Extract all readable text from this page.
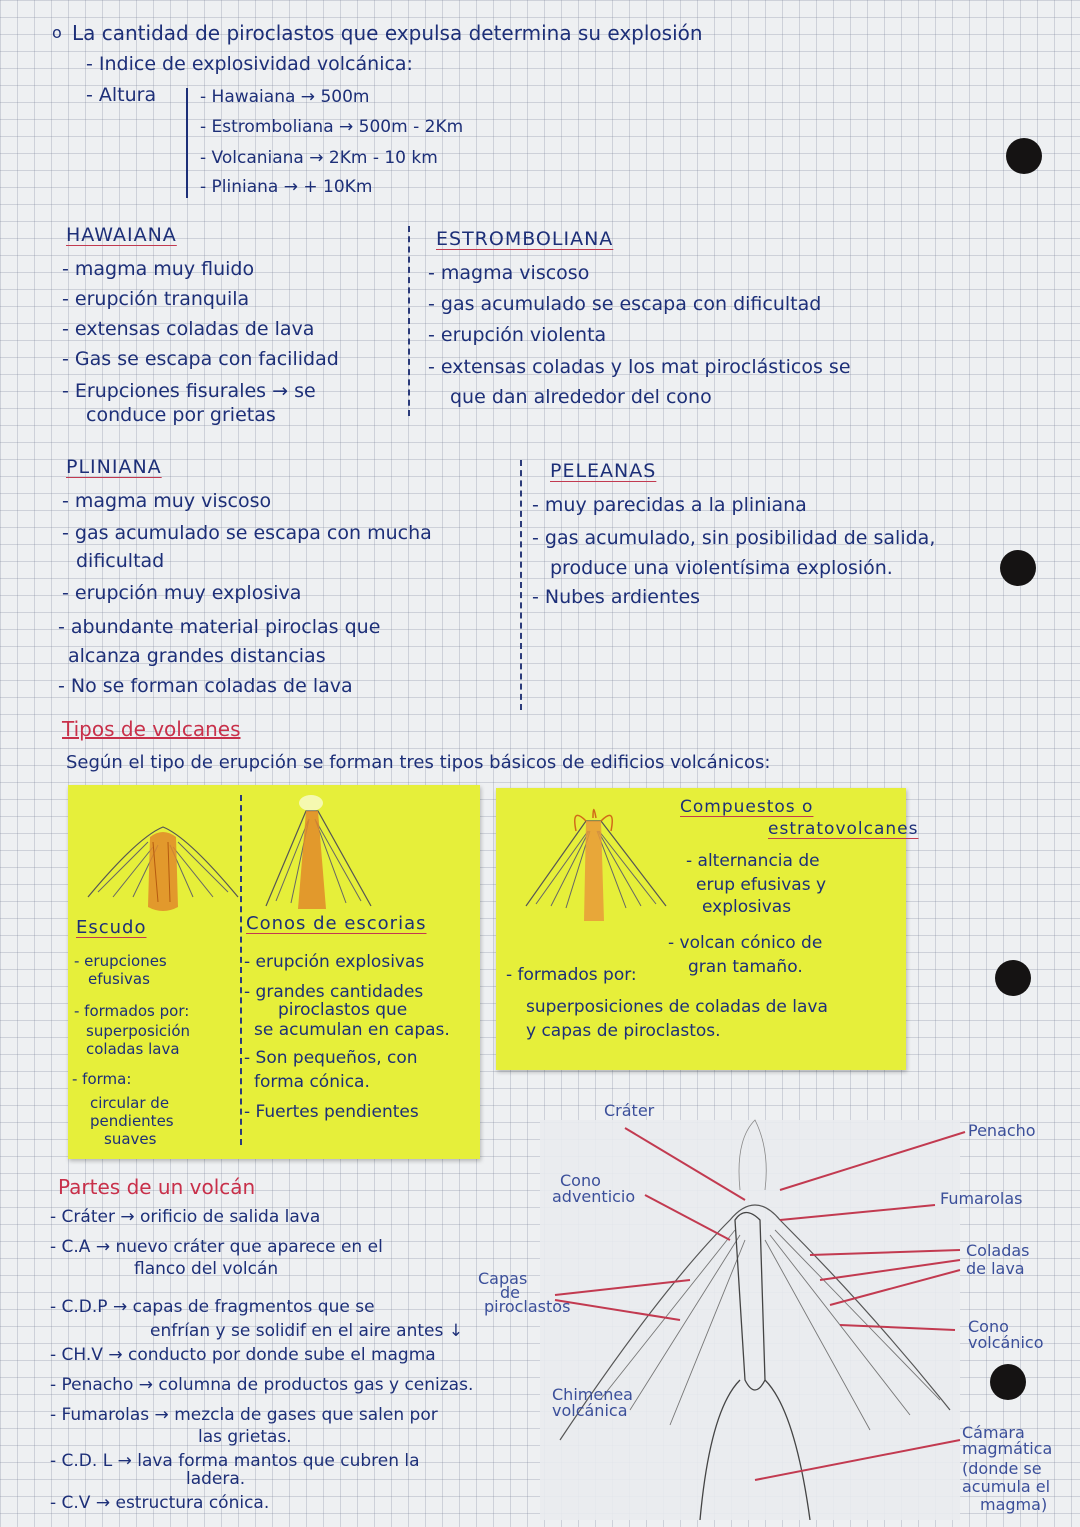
o La cantidad de piroclastos que expulsa determina su explosión
- Indice de explosividad volcánica:
- Altura	- Hawaiana → 500m
- Estromboliana → 500m - 2Km
- Volcaniana → 2Km - 10 km
- Pliniana → + 10Km
HAWAIANA
- magma muy fluido
- erupción tranquila
- extensas coladas de lava
- Gas se escapa con facilidad
- Erupciones fisurales → se
conduce por grietas
ESTROMBOLIANA
- magma viscoso
- gas acumulado se escapa con dificultad
- erupción violenta
- extensas coladas y los mat piroclásticos se
que dan alrededor del cono
PLINIANA
- magma muy viscoso
- gas acumulado se escapa con mucha
dificultad
- erupción muy explosiva
- abundante material piroclas que
alcanza grandes distancias
- No se forman coladas de lava
PELEANAS
- muy parecidas a la pliniana
- gas acumulado, sin posibilidad de salida,
produce una violentísima explosión.
- Nubes ardientes
Tipos de volcanes
Según el tipo de erupción se forman tres tipos básicos de edificios volcánicos:
Escudo
- erupciones
efusivas
- formados por:
superposición
coladas lava
- forma:
circular de
pendientes
suaves
Conos de escorias
- erupción explosivas
- grandes cantidades
piroclastos que
se acumulan en capas.
- Son pequeños, con
forma cónica.
- Fuertes pendientes
Compuestos o
estratovolcanes
- alternancia de
erup efusivas y
explosivas
- volcan cónico de
gran tamaño.
- formados por:
superposiciones de coladas de lava
y capas de piroclastos.
Partes de un volcán
- Cráter → orificio de salida lava
- C.A → nuevo cráter que aparece en el
flanco del volcán
- C.D.P → capas de fragmentos que se
enfrían y se solidif en el aire antes ↓
- CH.V → conducto por donde sube el magma
- Penacho → columna de productos gas y cenizas.
- Fumarolas → mezcla de gases que salen por
las grietas.
- C.D. L → lava forma mantos que cubren la
ladera.
- C.V → estructura cónica.
Cráter
Cono
adventicio
Capas
de
piroclastos
Chimenea
volcánica
Penacho
Fumarolas
Coladas
de lava
Cono
volcánico
Cámara
magmática
(donde se
acumula el
magma)
